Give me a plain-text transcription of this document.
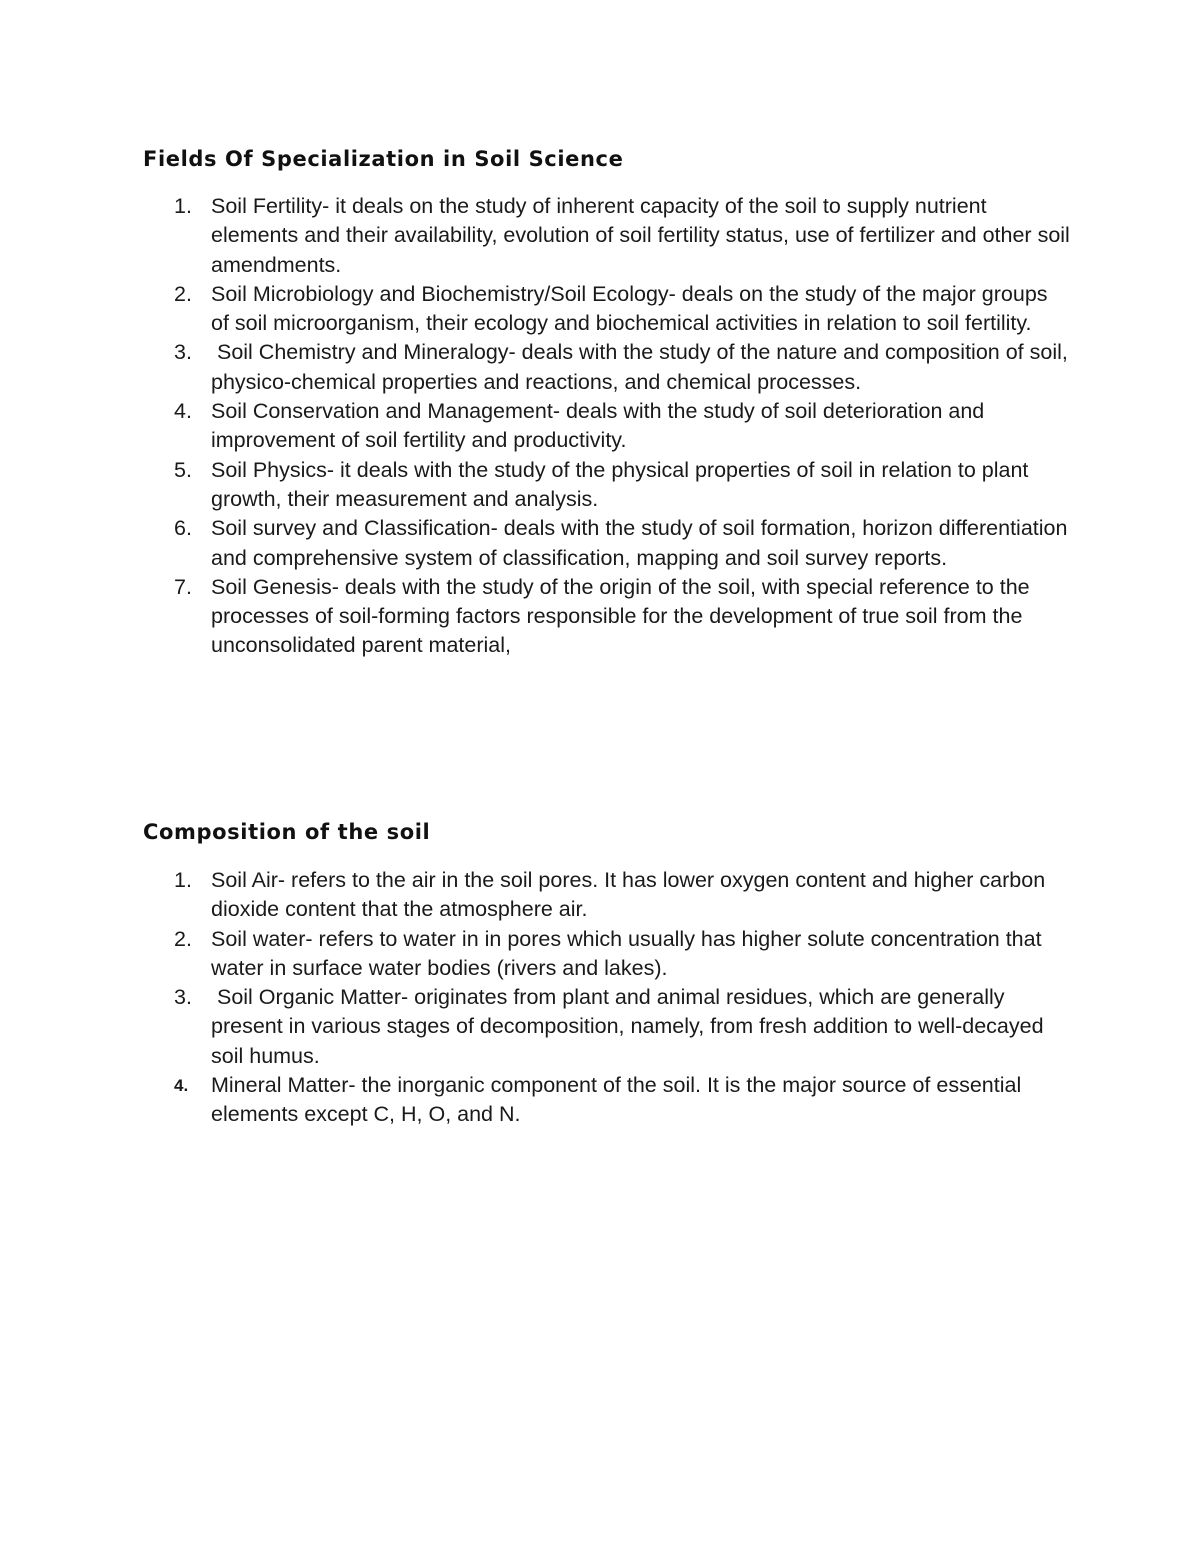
Fields Of Specialization in Soil Science
1. Soil Fertility- it deals on the study of inherent capacity of the soil to supply nutrient elements and their availability, evolution of soil fertility status, use of fertilizer and other soil amendments.
2. Soil Microbiology and Biochemistry/Soil Ecology- deals on the study of the major groups of soil microorganism, their ecology and biochemical activities in relation to soil fertility.
3. Soil Chemistry and Mineralogy- deals with the study of the nature and composition of soil, physico-chemical properties and reactions, and chemical processes.
4. Soil Conservation and Management- deals with the study of soil deterioration and improvement of soil fertility and productivity.
5. Soil Physics- it deals with the study of the physical properties of soil in relation to plant growth, their measurement and analysis.
6. Soil survey and Classification- deals with the study of soil formation, horizon differentiation and comprehensive system of classification, mapping and soil survey reports.
7. Soil Genesis- deals with the study of the origin of the soil, with special reference to the processes of soil-forming factors responsible for the development of true soil from the unconsolidated parent material,
Composition of the soil
1. Soil Air- refers to the air in the soil pores. It has lower oxygen content and higher carbon dioxide content that the atmosphere air.
2. Soil water- refers to water in in pores which usually has higher solute concentration that water in surface water bodies (rivers and lakes).
3. Soil Organic Matter- originates from plant and animal residues, which are generally present in various stages of decomposition, namely, from fresh addition to well-decayed soil humus.
4.	Mineral Matter- the inorganic component of the soil. It is the major source of essential elements except C, H, O, and N.
